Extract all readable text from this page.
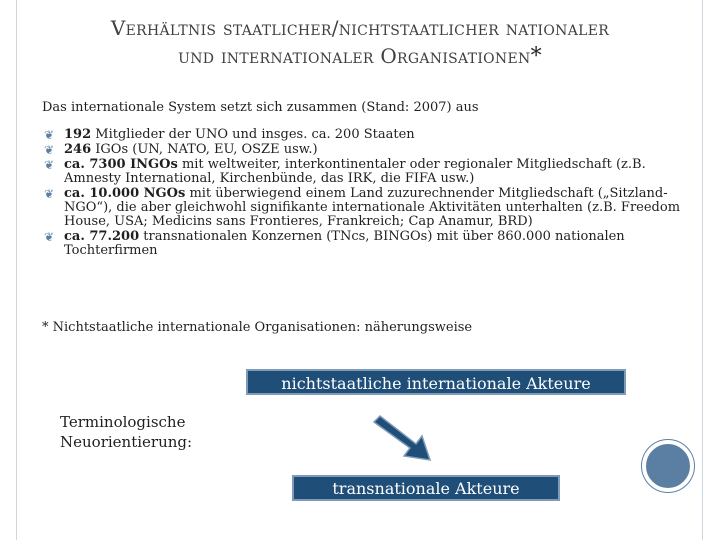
Verhältnis staatlicher/nichtstaatlicher nationaler
und internationaler Organisationen*
Das internationale System setzt sich zusammen (Stand: 2007) aus
❦ 192 Mitglieder der UNO und insges. ca. 200 Staaten
❦ 246 IGOs (UN, NATO, EU, OSZE usw.)
❦ ca. 7300 INGOs mit weltweiter, interkontinentaler oder regionaler Mitgliedschaft (z.B. Amnesty International, Kirchenbünde, das IRK, die FIFA usw.)
❦ ca. 10.000 NGOs mit überwiegend einem Land zuzurechnender Mitgliedschaft („Sitzland-NGO“), die aber gleichwohl signifikante internationale Aktivitäten unterhalten (z.B. Freedom House, USA; Medicins sans Frontieres, Frankreich; Cap Anamur, BRD)
❦ ca. 77.200 transnationalen Konzernen (TNcs, BINGOs) mit über 860.000 nationalen Tochterfirmen
* Nichtstaatliche internationale Organisationen: näherungsweise
nichtstaatliche internationale Akteure
Terminologische
Neuorientierung:
transnationale Akteure
